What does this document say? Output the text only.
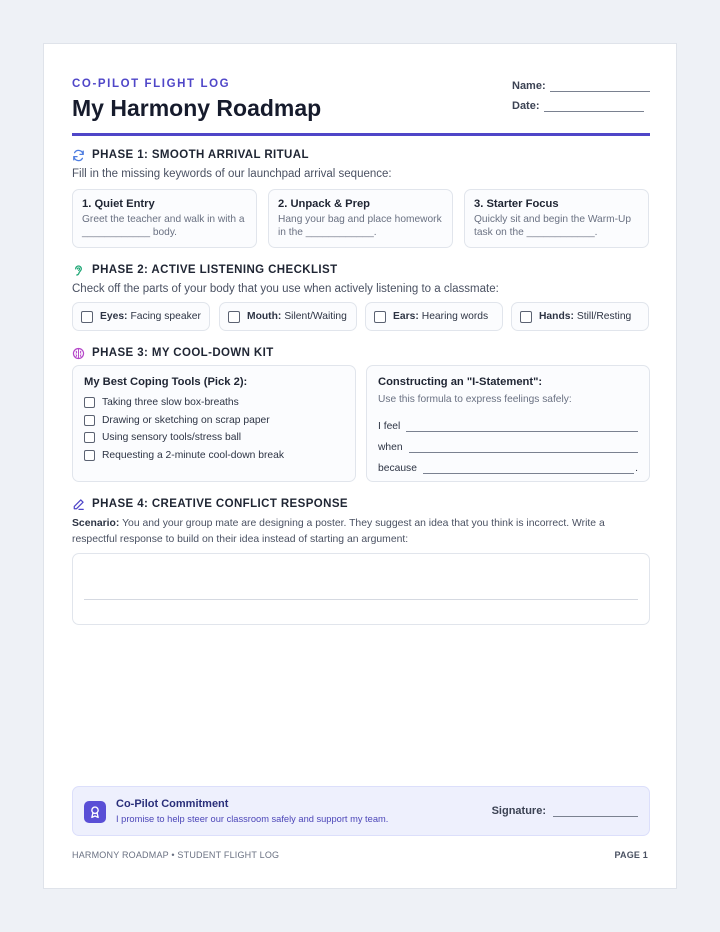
CO-PILOT FLIGHT LOG
My Harmony Roadmap
Name:
Date:
PHASE 1: SMOOTH ARRIVAL RITUAL
Fill in the missing keywords of our launchpad arrival sequence:
1. Quiet Entry
Greet the teacher and walk in with a ____________ body.
2. Unpack & Prep
Hang your bag and place homework in the ____________.
3. Starter Focus
Quickly sit and begin the Warm-Up task on the ____________.
PHASE 2: ACTIVE LISTENING CHECKLIST
Check off the parts of your body that you use when actively listening to a classmate:
Eyes: Facing speaker	Mouth: Silent/Waiting	Ears: Hearing words	Hands: Still/Resting
PHASE 3: MY COOL-DOWN KIT
My Best Coping Tools (Pick 2):
Taking three slow box-breaths
Drawing or sketching on scrap paper
Using sensory tools/stress ball
Requesting a 2-minute cool-down break
Constructing an "I-Statement":
Use this formula to express feelings safely:
I feel
when
because	.
PHASE 4: CREATIVE CONFLICT RESPONSE
Scenario: You and your group mate are designing a poster. They suggest an idea that you think is incorrect. Write a respectful response to build on their idea instead of starting an argument:
Co-Pilot Commitment
I promise to help steer our classroom safely and support my team.
Signature:
HARMONY ROADMAP • STUDENT FLIGHT LOG	PAGE 1
